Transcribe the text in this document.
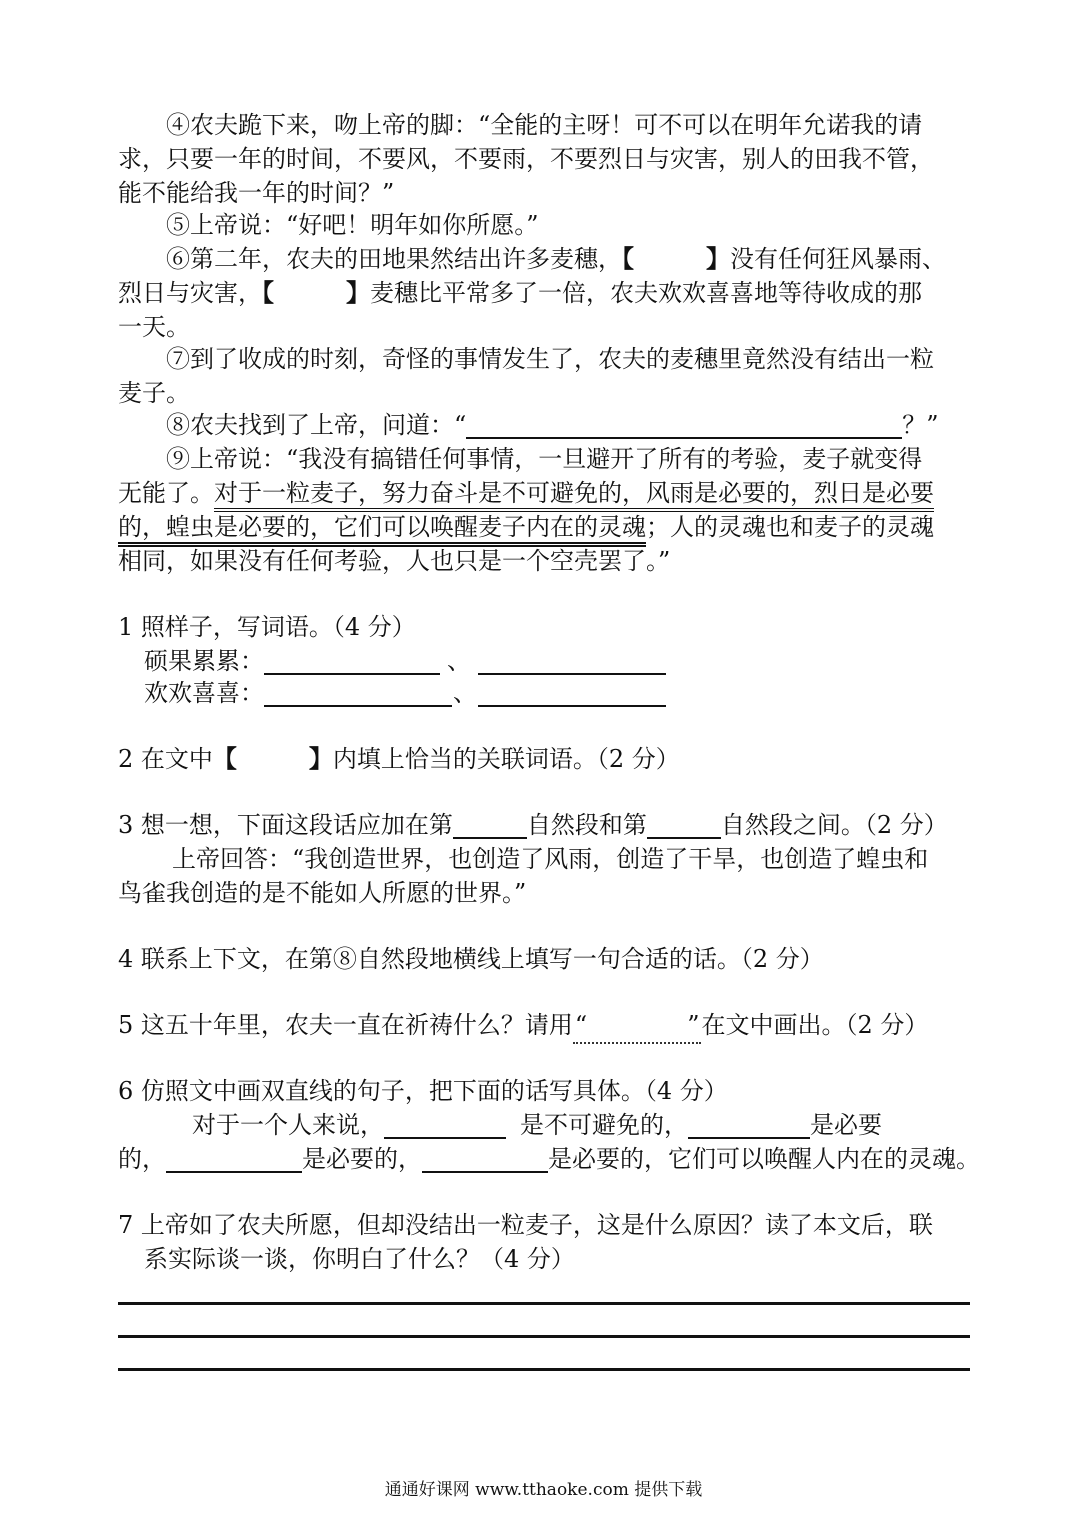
④农夫跪下来，吻上帝的脚：“全能的主呀！可不可以在明年允诺我的请
求，只要一年的时间，不要风，不要雨，不要烈日与灾害，别人的田我不管，
能不能给我一年的时间？”
⑤上帝说：“好吧！明年如你所愿。”
⑥第二年，农夫的田地果然结出许多麦穗，【	】没有任何狂风暴雨、
烈日与灾害，【	】麦穗比平常多了一倍，农夫欢欢喜喜地等待收成的那
一天。
⑦到了收成的时刻，奇怪的事情发生了，农夫的麦穗里竟然没有结出一粒
麦子。
⑧农夫找到了上帝，问道：“	？”
⑨上帝说：“我没有搞错任何事情，一旦避开了所有的考验，麦子就变得
无能了。对于一粒麦子，努力奋斗是不可避免的，风雨是必要的，烈日是必要
的，蝗虫是必要的，它们可以唤醒麦子内在的灵魂；人的灵魂也和麦子的灵魂
相同，如果没有任何考验，人也只是一个空壳罢了。”
1 照样子，写词语。（4 分）
硕果累累：	、
欢欢喜喜：	、
2 在文中【	】内填上恰当的关联词语。（2 分）
3 想一想，下面这段话应加在第	自然段和第	自然段之间。（2 分）
上帝回答：“我创造世界，也创造了风雨，创造了干旱，也创造了蝗虫和
鸟雀我创造的是不能如人所愿的世界。”
4 联系上下文，在第⑧自然段地横线上填写一句合适的话。（2 分）
5 这五十年里，农夫一直在祈祷什么？请用“	”在文中画出。（2 分）
6 仿照文中画双直线的句子，把下面的话写具体。（4 分）
对于一个人来说，	是不可避免的，	是必要
的，	是必要的，	是必要的，它们可以唤醒人内在的灵魂。
7 上帝如了农夫所愿，但却没结出一粒麦子，这是什么原因？读了本文后，联
系实际谈一谈，你明白了什么？（4 分）
通通好课网 www.tthaoke.com 提供下载
